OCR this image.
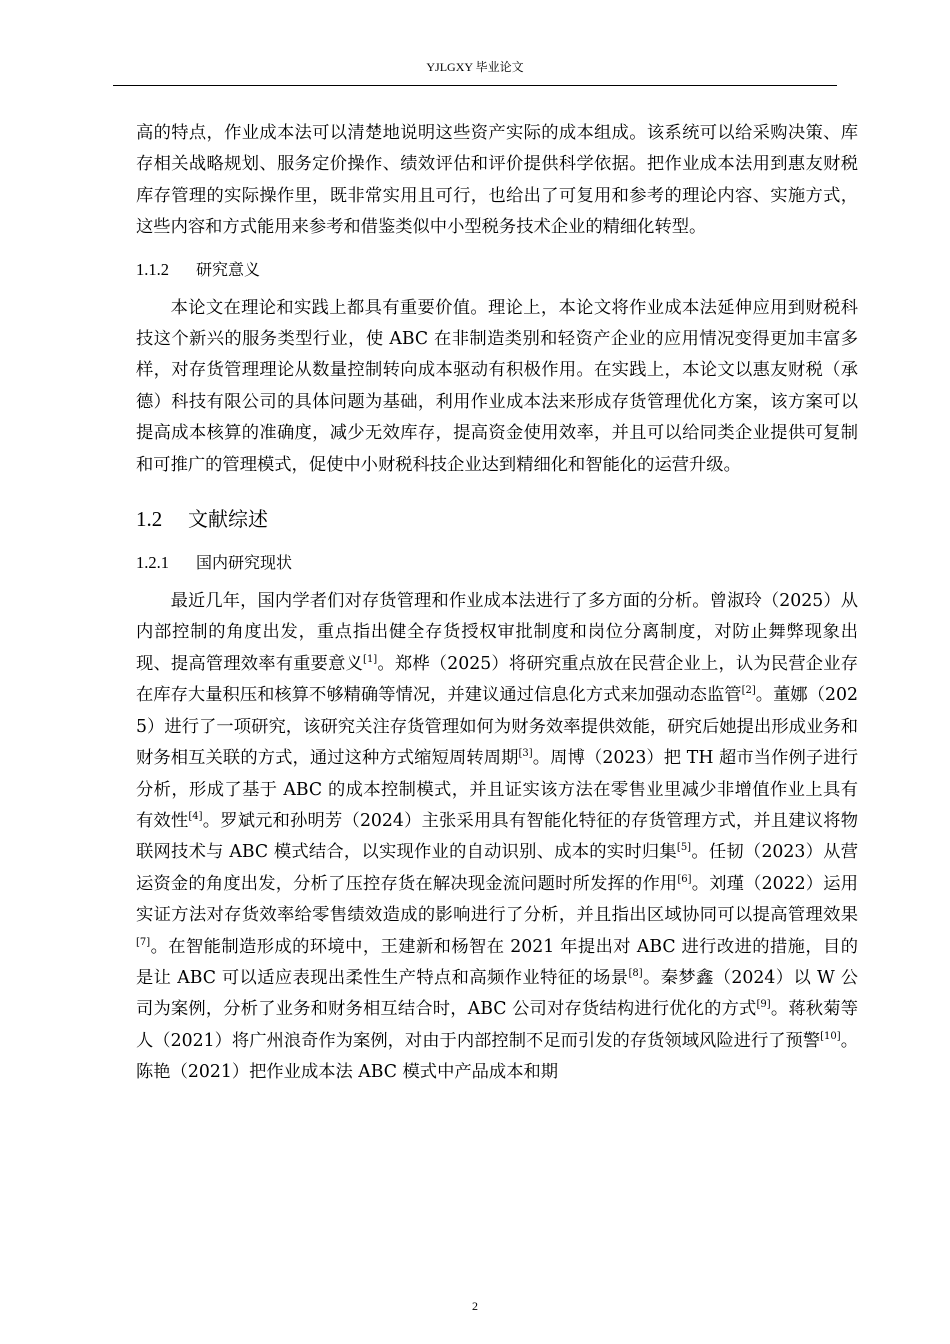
YJLGXY 毕业论文

高的特点，作业成本法可以清楚地说明这些资产实际的成本组成。该系统可以给采购决策、库存相关战略规划、服务定价操作、绩效评估和评价提供科学依据。把作业成本法用到惠友财税库存管理的实际操作里，既非常实用且可行，也给出了可复用和参考的理论内容、实施方式，这些内容和方式能用来参考和借鉴类似中小型税务技术企业的精细化转型。

1.1.2 研究意义

本论文在理论和实践上都具有重要价值。理论上，本论文将作业成本法延伸应用到财税科技这个新兴的服务类型行业，使 ABC 在非制造类别和轻资产企业的应用情况变得更加丰富多样，对存货管理理论从数量控制转向成本驱动有积极作用。在实践上，本论文以惠友财税（承德）科技有限公司的具体问题为基础，利用作业成本法来形成存货管理优化方案，该方案可以提高成本核算的准确度，减少无效库存，提高资金使用效率，并且可以给同类企业提供可复制和可推广的管理模式，促使中小财税科技企业达到精细化和智能化的运营升级。

1.2 文献综述
1.2.1 国内研究现状

最近几年，国内学者们对存货管理和作业成本法进行了多方面的分析。曾淑玲（2025）从内部控制的角度出发，重点指出健全存货授权审批制度和岗位分离制度，对防止舞弊现象出现、提高管理效率有重要意义[1]。郑桦（2025）将研究重点放在民营企业上，认为民营企业存在库存大量积压和核算不够精确等情况，并建议通过信息化方式来加强动态监管[2]。董娜（2025）进行了一项研究，该研究关注存货管理如何为财务效率提供效能，研究后她提出形成业务和财务相互关联的方式，通过这种方式缩短周转周期[3]。周博（2023）把 TH 超市当作例子进行分析，形成了基于 ABC 的成本控制模式，并且证实该方法在零售业里减少非增值作业上具有有效性[4]。罗斌元和孙明芳（2024）主张采用具有智能化特征的存货管理方式，并且建议将物联网技术与 ABC 模式结合，以实现作业的自动识别、成本的实时归集[5]。任韧（2023）从营运资金的角度出发，分析了压控存货在解决现金流问题时所发挥的作用[6]。刘瑾（2022）运用实证方法对存货效率给零售绩效造成的影响进行了分析，并且指出区域协同可以提高管理效果[7]。在智能制造形成的环境中，王建新和杨智在 2021 年提出对 ABC 进行改进的措施，目的是让 ABC 可以适应表现出柔性生产特点和高频作业特征的场景[8]。秦梦鑫（2024）以 W 公司为案例，分析了业务和财务相互结合时，ABC 公司对存货结构进行优化的方式[9]。蒋秋菊等人（2021）将广州浪奇作为案例，对由于内部控制不足而引发的存货领域风险进行了预警[10]。陈艳（2021）把作业成本法 ABC 模式中产品成本和期

2
